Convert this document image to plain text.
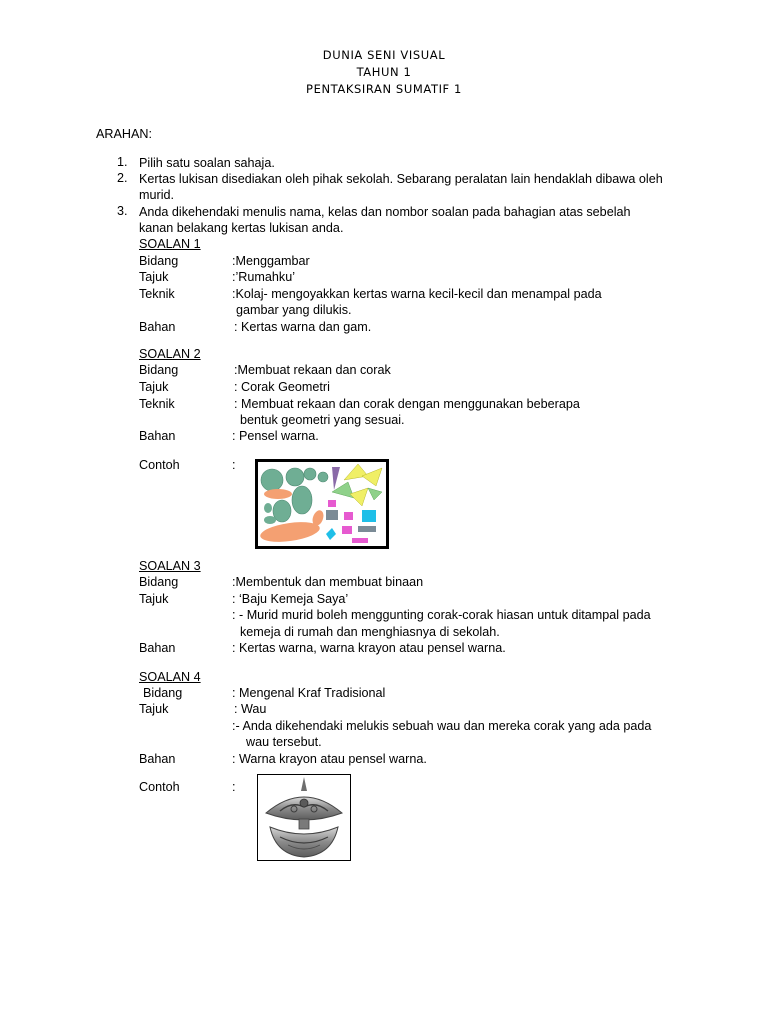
DUNIA SENI VISUAL
TAHUN 1
PENTAKSIRAN SUMATIF 1
ARAHAN:
1. Pilih satu soalan sahaja.
2. Kertas lukisan disediakan oleh pihak sekolah. Sebarang peralatan lain hendaklah dibawa oleh
murid.
3. Anda dikehendaki menulis nama, kelas dan nombor soalan pada bahagian atas sebelah
kanan belakang kertas lukisan anda.
SOALAN 1
Bidang	:Menggambar
Tajuk	:’Rumahku’
Teknik	:Kolaj- mengoyakkan kertas warna kecil-kecil dan menampal pada
gambar yang dilukis.
Bahan	: Kertas warna dan gam.
SOALAN 2
Bidang	:Membuat rekaan dan corak
Tajuk	: Corak Geometri
Teknik	: Membuat rekaan dan corak dengan menggunakan beberapa
bentuk geometri yang sesuai.
Bahan	: Pensel warna.
Contoh	:
SOALAN 3
Bidang	:Membentuk dan membuat binaan
Tajuk	: ‘Baju Kemeja Saya’
: - Murid murid boleh menggunting corak-corak hiasan untuk ditampal pada
kemeja di rumah dan menghiasnya di sekolah.
Bahan	: Kertas warna, warna krayon atau pensel warna.
SOALAN 4
Bidang	: Mengenal Kraf Tradisional
Tajuk	: Wau
:- Anda dikehendaki melukis sebuah wau dan mereka corak yang ada pada
wau tersebut.
Bahan	: Warna krayon atau pensel warna.
Contoh	:
